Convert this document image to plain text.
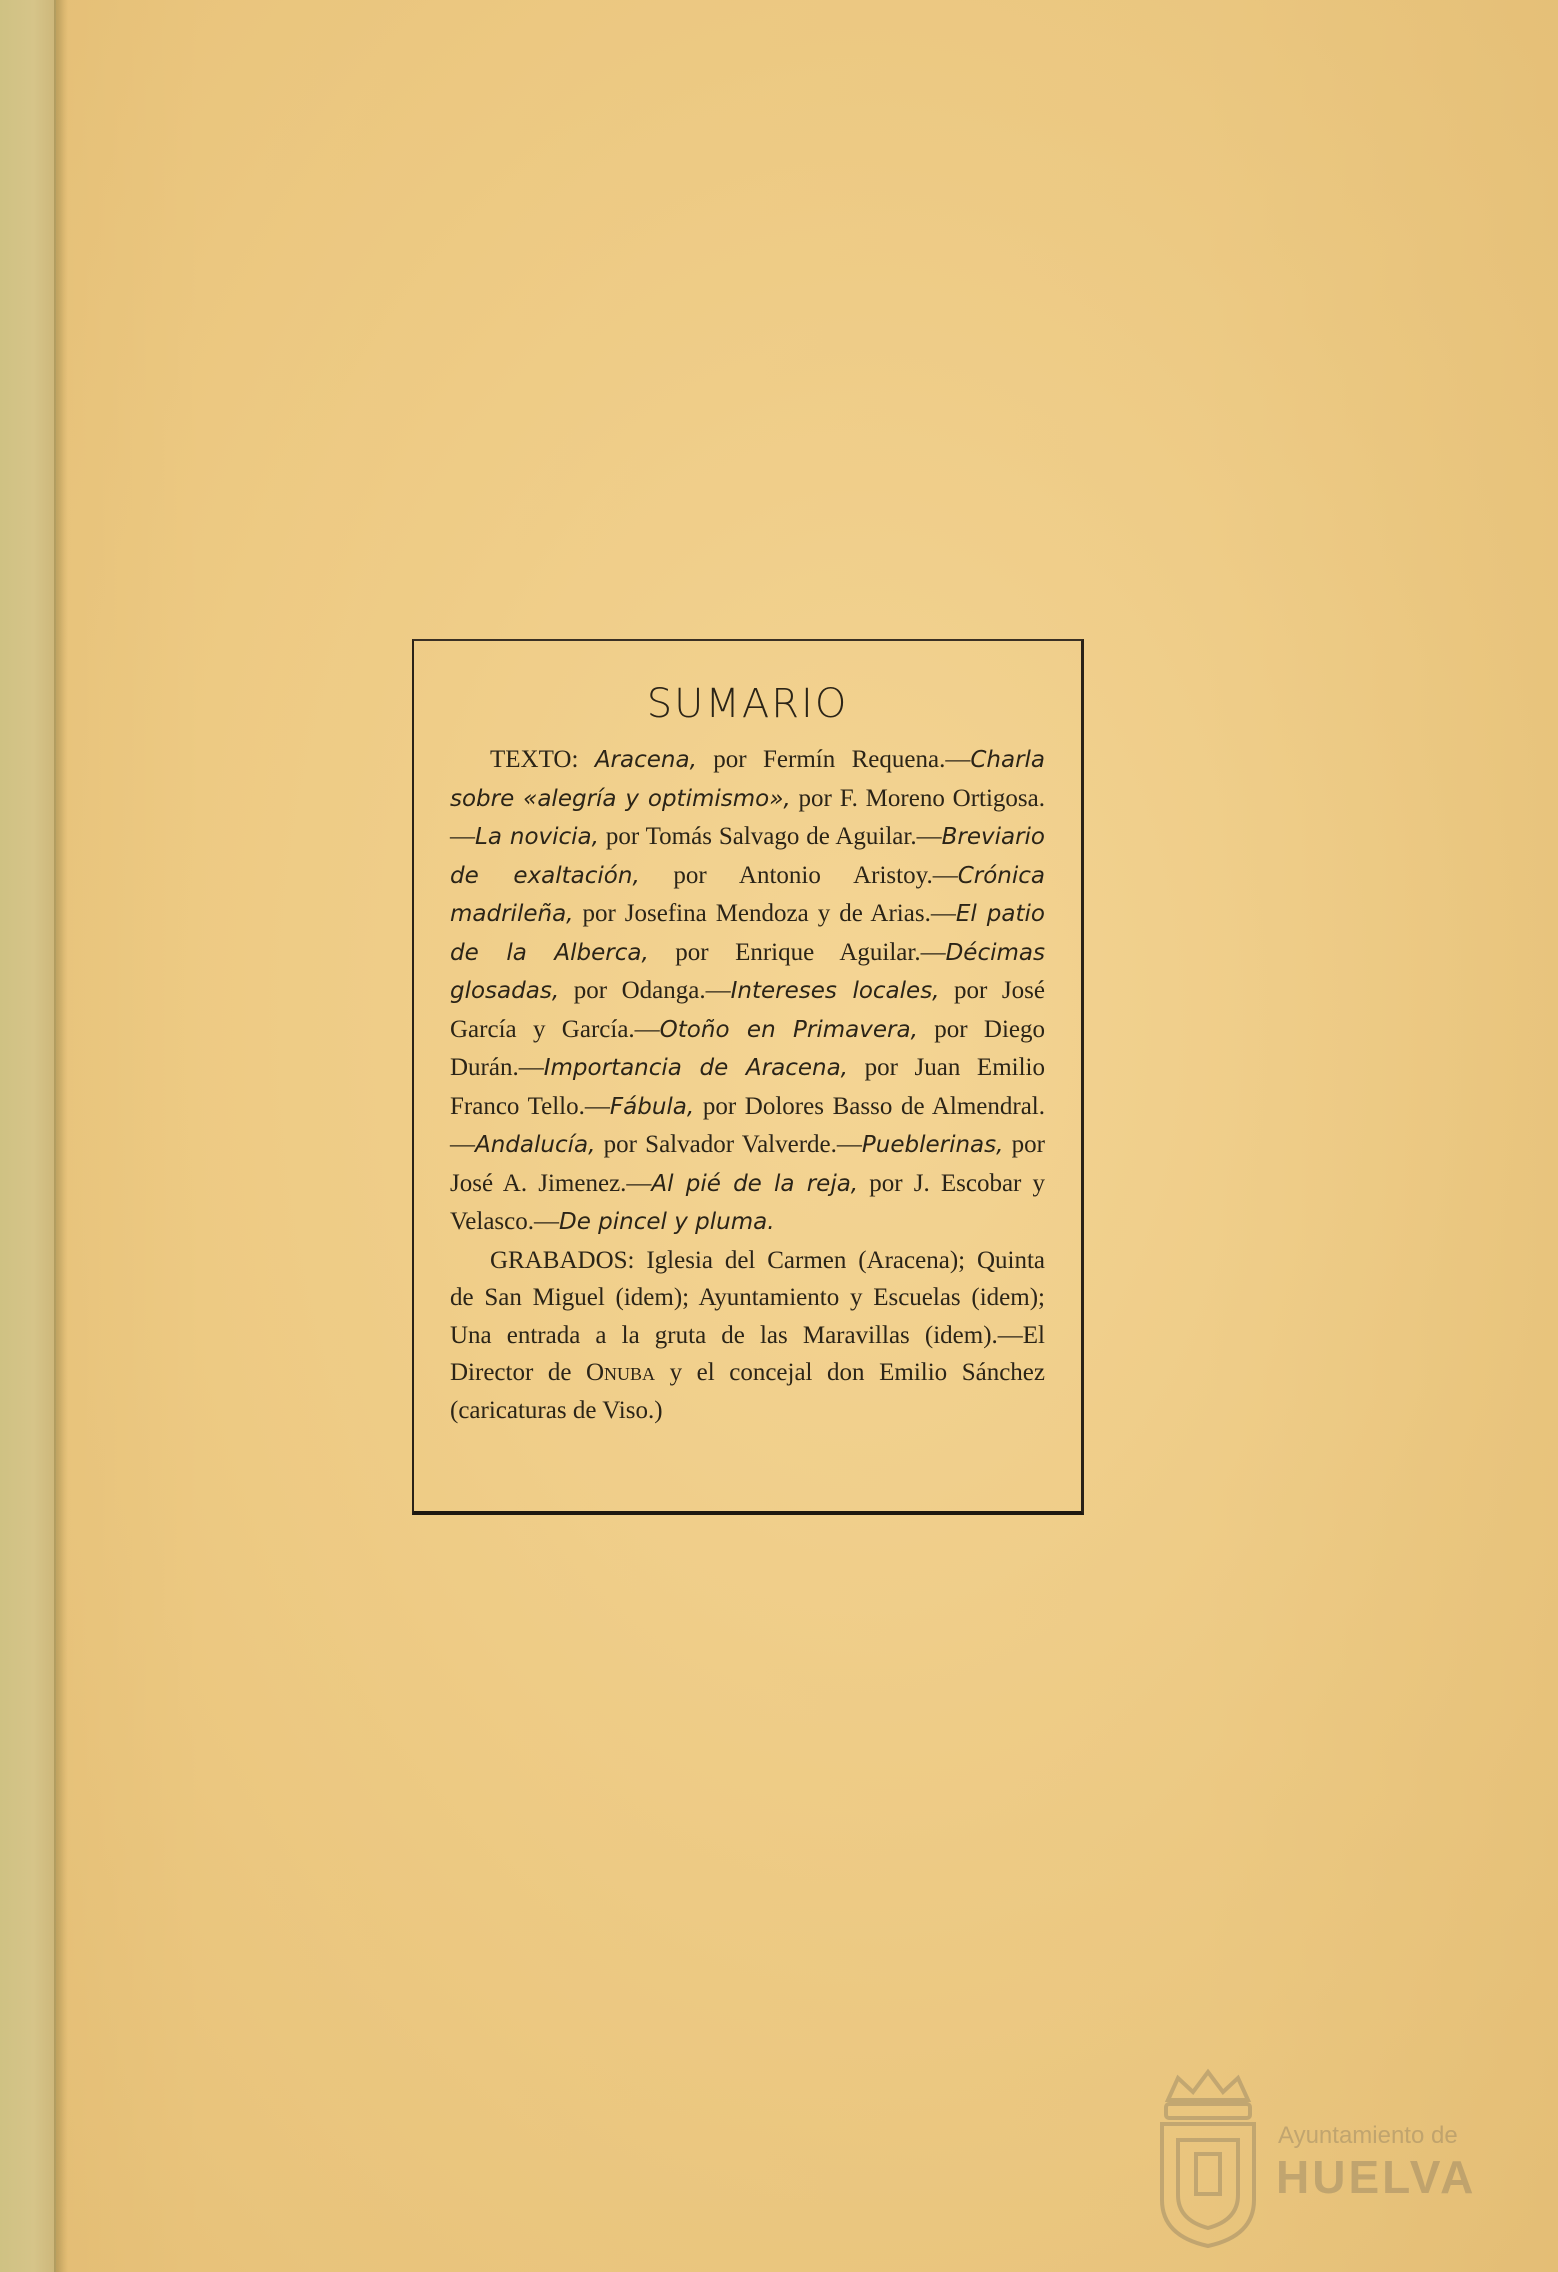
SUMARIO

TEXTO: Aracena, por Fermín Requena.—Charla sobre «alegría y optimismo», por F. Moreno Ortigosa.—La novicia, por Tomás Salvago de Aguilar.—Breviario de exaltación, por Antonio Aristoy.—Crónica madrileña, por Josefina Mendoza y de Arias.—El patio de la Alberca, por Enrique Aguilar.—Décimas glosadas, por Odanga.—Intereses locales, por José García y García.—Otoño en Primavera, por Diego Durán.—Importancia de Aracena, por Juan Emilio Franco Tello.—Fábula, por Dolores Basso de Almendral.—Andalucía, por Salvador Valverde.—Pueblerinas, por José A. Jimenez.—Al pié de la reja, por J. Escobar y Velasco.—De pincel y pluma.

GRABADOS: Iglesia del Carmen (Aracena); Quinta de San Miguel (idem); Ayuntamiento y Escuelas (idem); Una entrada a la gruta de las Maravillas (idem).—El Director de Onuba y el concejal don Emilio Sánchez (caricaturas de Viso.)

Ayuntamiento de
HUELVA
